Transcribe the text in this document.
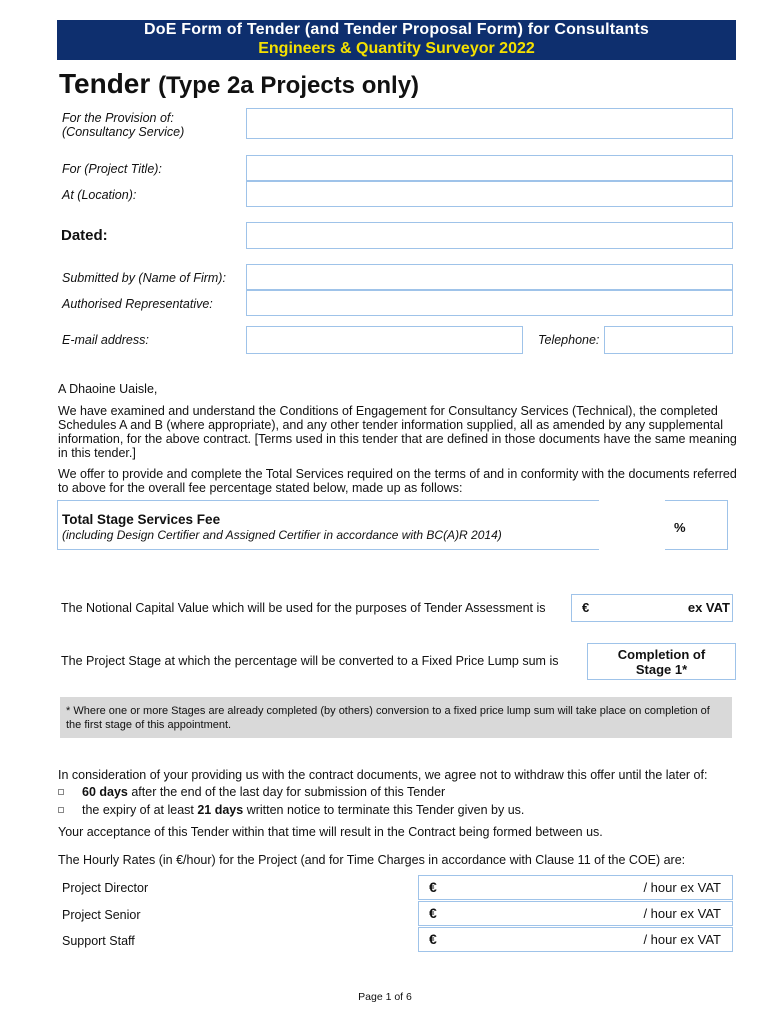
DoE Form of Tender (and Tender Proposal Form) for Consultants
Engineers & Quantity Surveyor 2022
Tender (Type 2a Projects only)
For the Provision of:
(Consultancy Service)
For (Project Title):
At (Location):
Dated:
Submitted by (Name of Firm):
Authorised Representative:
E-mail address:	Telephone:
A Dhaoine Uaisle,
We have examined and understand the Conditions of Engagement for Consultancy Services (Technical), the completed Schedules A and B (where appropriate), and any other tender information supplied, all as amended by any supplemental information, for the above contract. [Terms used in this tender that are defined in those documents have the same meaning in this tender.]
We offer to provide and complete the Total Services required on the terms of and in conformity with the documents referred to above for the overall fee percentage stated below, made up as follows:
Total Stage Services Fee
(including Design Certifier and Assigned Certifier in accordance with BC(A)R 2014)	%
The Notional Capital Value which will be used for the purposes of Tender Assessment is	€	ex VAT
The Project Stage at which the percentage will be converted to a Fixed Price Lump sum is	Completion of
Stage 1*
* Where one or more Stages are already completed (by others) conversion to a fixed price lump sum will take place on completion of the first stage of this appointment.
In consideration of your providing us with the contract documents, we agree not to withdraw this offer until the later of:
60 days after the end of the last day for submission of this Tender
the expiry of at least 21 days written notice to terminate this Tender given by us.
Your acceptance of this Tender within that time will result in the Contract being formed between us.
The Hourly Rates (in €/hour) for the Project (and for Time Charges in accordance with Clause 11 of the COE) are:
Project Director	€	/ hour ex VAT
Project Senior	€	/ hour ex VAT
Support Staff	€	/ hour ex VAT
Page 1 of 6
